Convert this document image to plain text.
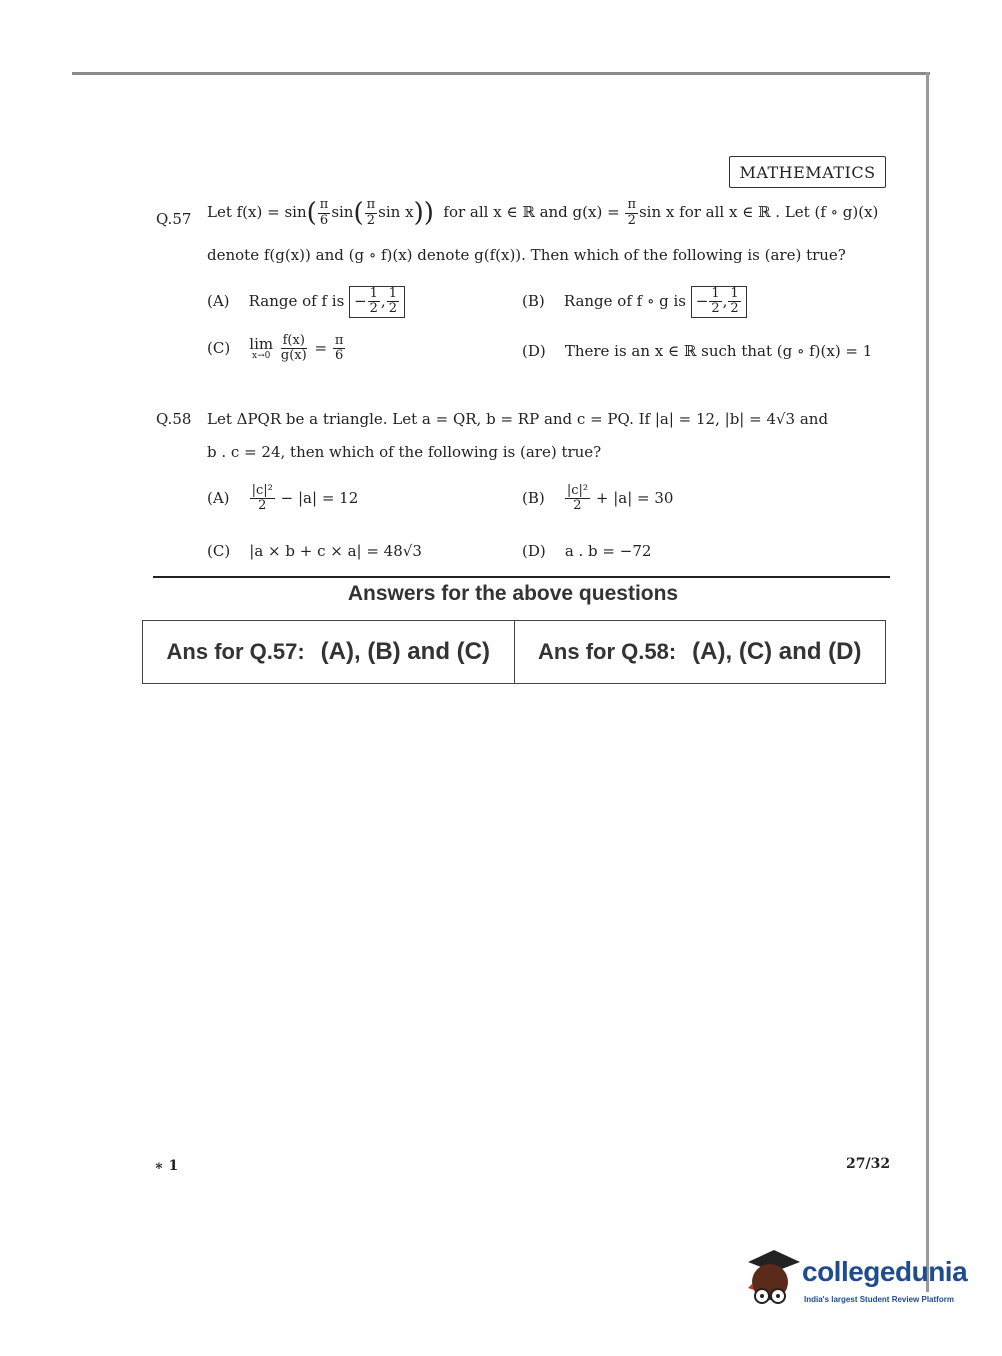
MATHEMATICS
Q.57 Let $f(x) = \sin( \frac{\pi}{6} \sin( \frac{\pi}{2}$ sin x)) for all x ∈ ℝ and $g(x) = \frac{\pi}{2}$ sin x for all x ∈ ℝ . Let (f ∘ g)(x)
denote f(g(x)) and (g ∘ f)(x) denote g(f(x)). Then which of the following is (are) true?
(A) Range of f is − $\frac{1}{2}$ , $\frac{1}{2}$	(B) Range of f ∘ g is − $\frac{1}{2}$ , $\frac{1}{2}$
(C) lim
x→0
$\frac{f(x)}{g(x)} = \frac{\pi}{6}$	(D) There is an x ∈ ℝ such that (g ∘ f)(x) = 1
Q.58 Let ΔPQR be a triangle. Let a = QR, b = RP and c = PQ. If |a| = 12, |b| = 4√3 and
b . c = 24, then which of the following is (are) true?
$(A) \frac{\text{|c|²}}{2} - |a| = 12$	$(B) \frac{\text{|c|²}}{2} + |a| = 30$
(C) |a × b + c × a| = 48√3	(D) a . b = −72
Answers for the above questions
Ans for Q.57: (A), (B) and (C) Ans for Q.58: (A), (C) and (D)
∗ 1	27/32
collegedunia
India's largest Student Review Platform
